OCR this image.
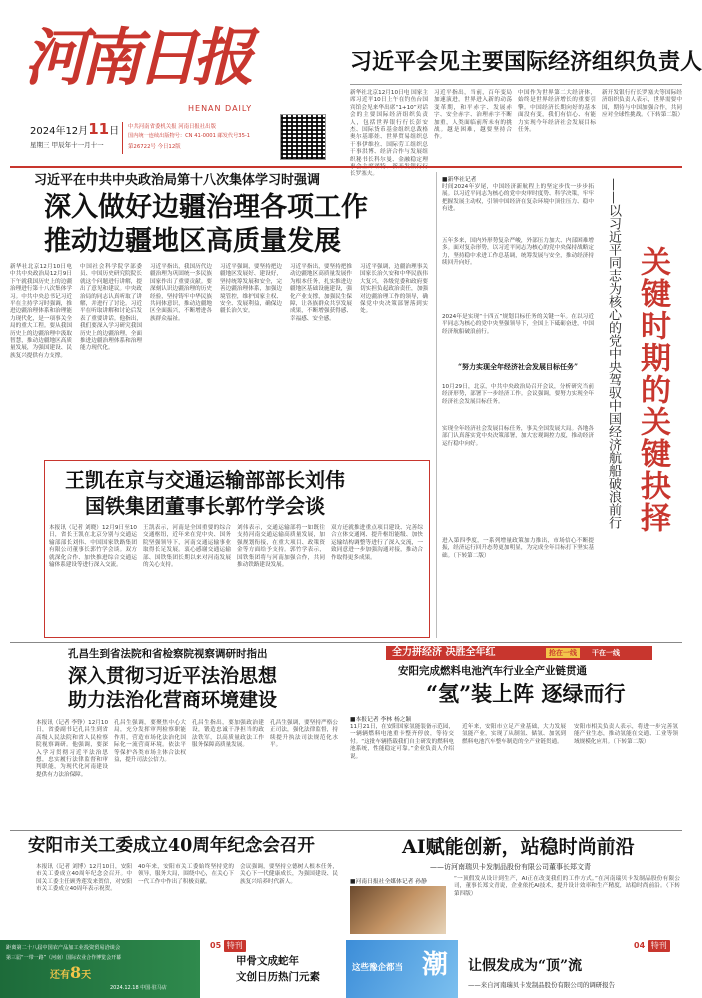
河南日报
HENAN DAILY
2024年12月11日
星期三 甲辰年十一月十一
中共河南省委机关报 河南日报社出版
国内统一连续出版物号：CN 41-0001 邮发代号35-1
第26722号 今日12版
习近平会见主要国际经济组织负责人
新华社北京12月10日电 国家主席习近平10日上午在钓鱼台国宾馆会见来华出席“1+10”对话会的主要国际经济组织负责人，包括世界银行行长彭安杰、国际货币基金组织总裁格奥尔基耶娃、世界贸易组织总干事伊维拉、国际劳工组织总干事洪博、经济合作与发展组织秘书长科尔曼、金融稳定理 长罗塞夫。
习近平指出，当前，百年变局加速演进，世界进入新的动荡变革期，和平赤字、发展赤字、安全赤字、治理赤字不断加重，人类面临前所未有的挑战。越是困难，越要坚持合作。
中国作为世界第二大经济体，始终是世界经济增长的重要引擎。中国经济长期向好的基本面没有变，我们有信心、有能力实现今年经济社会发展目标任务。
新开发银行行长罗塞夫等国际经济组织负责人表示，世界需要中国，期待与中国加强合作，共同应对全球性挑战。（下转第二版）
习近平在中共中央政治局第十八次集体学习时强调
深入做好边疆治理各项工作
推动边疆地区高质量发展
新华社北京12月10日电 中共中央政治局12月9日下午就我国历史上的边疆治理进行第十八次集体学习。中共中央总书记习近平在主持学习时强调，推进边疆治理体系和治理能力现代化，是一项事关全局的重大工程。要从我国历史上的边疆治理中汲取智慧，推动边疆地区高质量发展，为强国建设、民族复兴提供有力支撑。
中国社会科学院学部委员、中国历史研究院院长就这个问题进行讲解，提出了意见和建议。中央政治局的同志认真听取了讲解，并进行了讨论。习近平在听取讲解和讨论后发表了重要讲话。他指出，我们要深入学习研究我国历史上的边疆治理，全面推进边疆治理体系和治理能力现代化。
习近平指出，我国历代边疆治理为巩固统一多民族国家作出了重要贡献。要深刻认识边疆治理的历史经验，坚持铸牢中华民族共同体意识，推动边疆地区全面振兴，不断增进各族群众福祉。
习近平强调，要坚持把边疆地区发展好、建设好，坚持统筹发展和安全，完善边疆治理体系，加强边境管控，维护国家主权、安全、发展利益，确保边疆长治久安。
习近平指出，要坚持把推动边疆地区高质量发展作为根本任务，扎实推进边疆地区基础设施建设，强化产业支撑，加强民生保障，让各族群众共享发展成果，不断增强获得感、幸福感、安全感。
习近平强调，边疆治理事关国家长治久安和中华民族伟大复兴，各级党委和政府要切实担负起政治责任，加强对边疆治理工作的领导，确保党中央决策部署落到实处。
王凯在京与交通运输部部长刘伟
国铁集团董事长郭竹学会谈
本报讯（记者 刘晓）12月9日至10日，省长王凯在北京分别与交通运输部部长刘伟、中国国家铁路集团有限公司董事长郭竹学会谈。双方就深化合作、加快推进综合交通运输体系建设等进行深入交流。
王凯表示，河南是全国重要的综合交通枢纽，近年来在党中央、国务院坚强领导下，河南交通运输事业取得长足发展。衷心感谢交通运输部、国铁集团长期以来对河南发展的关心支持。
刘伟表示，交通运输部将一如既往支持河南交通运输高质量发展，加强规划衔接，在重大项目、政策资金等方面给予支持。郭竹学表示，国铁集团将与河南加强合作，共同推动铁路建设发展。
双方还就推进重点项目建设、完善综合立体交通网、提升枢纽能级、加快运输结构调整等进行了深入交流，一致同意进一步加强沟通对接，推动合作取得更多成果。
■新华社记者
时间2024年岁尾，中国经济新航程上的坚定步伐一步步拓展。以习近平同志为核心的党中央审时度势、科学决策，牢牢把握发展主动权，引领中国经济在复杂环境中顶住压力、稳中有进。
五年多来，国内外形势复杂严峻，外部压力加大、内部困难增多。面对复杂形势，以习近平同志为核心的党中央保持战略定力，坚持稳中求进工作总基调，统筹发展与安全，推动经济持续回升向好。
2024年是实现“十四五”规划目标任务的关键一年。在以习近平同志为核心的党中央坚强领导下，全国上下砥砺奋进，中国经济航船破浪前行。
“努力实现全年经济社会发展目标任务”
10月29日，北京，中共中央政治局召开会议，分析研究当前经济形势，部署下一步经济工作。会议强调，要努力实现全年经济社会发展目标任务。
实现全年经济社会发展目标任务，事关全国发展大局。各地各部门认真落实党中央决策部署，加大宏观调控力度，推动经济运行稳中向好。
进入第四季度，一系列增量政策加力推出，市场信心不断提振，经济运行回升态势更加明显，为完成全年目标打下坚实基础。（下转第二版）
关键时期的关键抉择
——以习近平同志为核心的党中央驾驭中国经济航船破浪前行
孔昌生到省法院和省检察院视察调研时指出
深入贯彻习近平法治思想
助力法治化营商环境建设
本报讯（记者 李铮）12月10日，省委副书记孔昌生到省高级人民法院和省人民检察院视察调研。他强调，要深入学习贯彻习近平法治思想，忠实履行法律监督和审判职能，为现代化河南建设提供有力法治保障。
孔昌生强调，要聚焦中心大局，充分发挥审判检察职能作用，营造市场化法治化国际化一流营商环境。依法平等保护各类市场主体合法权益，提升司法公信力。
孔昌生指出，要加强政治建设，锻造忠诚干净担当的政法铁军，以高质量政法工作服务保障高质量发展。
孔昌生强调，要坚持严格公正司法，强化法律监督，持续提升执法司法规范化水平。
全力拼经济 决胜全年红	抢在一线	干在一线
安阳完成燃料电池汽车行业全产业链贯通
“氢”装上阵 逐绿而行
■本报记者 李林 杨之颖
11月21日，在安阳国家氢能装备示范园，一辆辆燃料电池重卡整齐停放，等待交付。“这批车辆搭载我们自主研发的燃料电池系统，性能稳定可靠。”企业负责人介绍说。
近年来，安阳市立足产业基础，大力发展氢能产业，实现了从制氢、储氢、加氢到燃料电池汽车整车制造的全产业链贯通。
安阳市相关负责人表示，将进一步完善氢能产业生态，推动氢能在交通、工业等领域规模化应用。（下转第二版）
安阳市关工委成立40周年纪念会召开
本报讯（记者 刘博）12月10日，安阳市关工委成立40周年纪念会召开。中国关工委主任顾秀莲发来贺信，对安阳市关工委成立40周年表示祝贺。
40年来，安阳市关工委始终坚持党的领导，服务大局，围绕中心，在关心下一代工作中作出了积极贡献。
会议强调，要坚持立德树人根本任务，关心下一代健康成长，为强国建设、民族复兴培养时代新人。
AI赋能创新，站稳时尚前沿
——访河南瑞贝卡发制品股份有限公司董事长郑文青
■河南日报社全媒体记者 孙静	“一顶假发从设计到生产，AI正在改变我们的工作方式。”在河南瑞贝卡发制品股份有限公司，董事长郑文青说，企业依托AI技术，提升设计效率和生产精度，站稳时尚前沿。（下转第四版）
距离第二十八届中国农产品加工业投资贸易洽谈会
第三届“一带一路”（河南）国际农业合作博览会开幕
还有8天
2024.12.18 中国·驻马店
05 特刊
甲骨文成蛇年
文创日历热门元素
这些豫企都当 潮
04 特刊
让假发成为“顶”流
——来自河南瑞贝卡发制品股份有限公司的调研报告
